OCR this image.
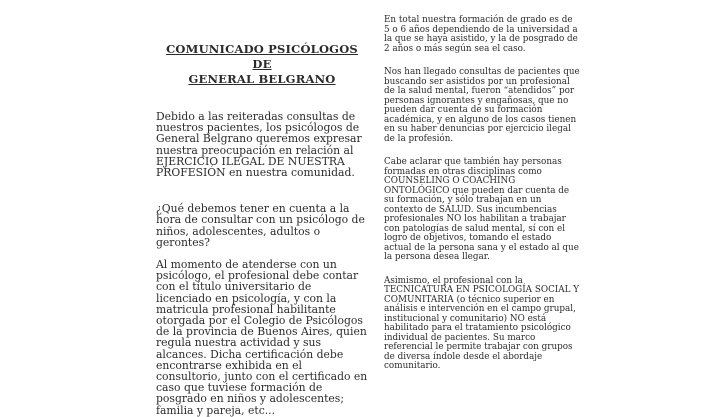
COMUNICADO PSICÓLOGOS DE
GENERAL BELGRANO

Debido a las reiteradas consultas de nuestros pacientes, los psicólogos de General Belgrano queremos expresar nuestra preocupación en relación al EJERCICIO ILEGAL DE NUESTRA PROFESIÓN en nuestra comunidad.

¿Qué debemos tener en cuenta a la hora de consultar con un psicólogo de niños, adolescentes, adultos o gerontes?

Al momento de atenderse con un psicólogo, el profesional debe contar con el título universitario de licenciado en psicología, y con la matricula profesional habilitante otorgada por el Colegio de Psicólogos de la provincia de Buenos Aires, quien regula nuestra actividad y sus alcances. Dicha certificación debe encontrarse exhibida en el consultorio, junto con el certificado en caso que tuviese formación de posgrado en niños y adolescentes; familia y pareja, etc...

En total nuestra formación de grado es de 5 o 6 años dependiendo de la universidad a la que se haya asistido, y la de posgrado de 2 años o más según sea el caso.

Nos han llegado consultas de pacientes que buscando ser asistidos por un profesional de la salud mental, fueron “atendidos” por personas ignorantes y engañosas, que no pueden dar cuenta de su formación académica, y en alguno de los casos tienen en su haber denuncias por ejercicio ilegal de la profesión.

Cabe aclarar que también hay personas formadas en otras disciplinas como COUNSELING O COACHING ONTOLÓGICO que pueden dar cuenta de su formación, y sólo trabajan en un contexto de SALUD. Sus incumbencias profesionales NO los habilitan a trabajar con patologías de salud mental, sí con el logro de objetivos, tomando el estado actual de la persona sana y el estado al que la persona desea llegar.

Asimismo, el profesional con la TECNICATURA EN PSICOLOGÍA SOCIAL Y COMUNITARIA (o técnico superior en análisis e intervención en el campo grupal, institucional y comunitario) NO está habilitado para el tratamiento psicológico individual de pacientes. Su marco referencial le permite trabajar con grupos de diversa índole desde el abordaje comunitario.
